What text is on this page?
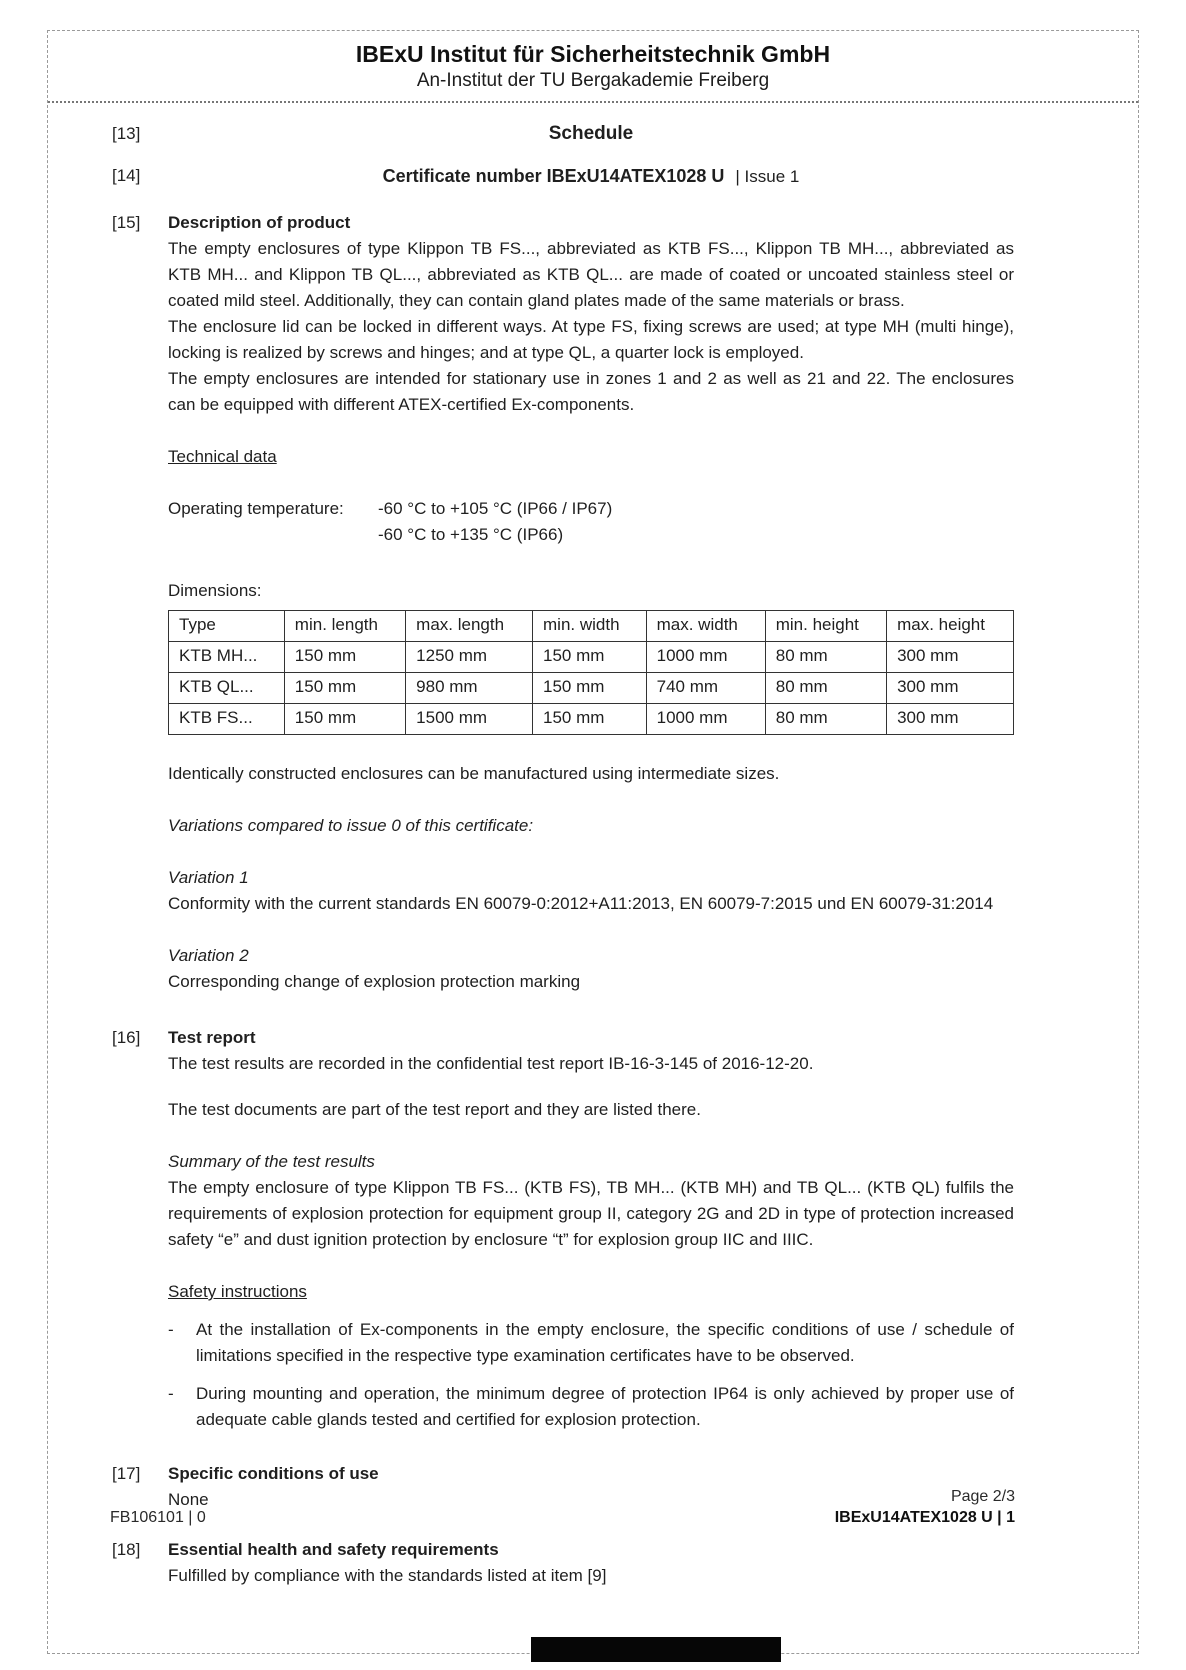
IBExU Institut für Sicherheitstechnik GmbH
An-Institut der TU Bergakademie Freiberg
[13]	Schedule
[14]	Certificate number IBExU14ATEX1028 U | Issue 1
[15]	Description of product

The empty enclosures of type Klippon TB FS..., abbreviated as KTB FS..., Klippon TB MH..., abbreviated as KTB MH... and Klippon TB QL..., abbreviated as KTB QL... are made of coated or uncoated stainless steel or coated mild steel. Additionally, they can contain gland plates made of the same materials or brass.

The enclosure lid can be locked in different ways. At type FS, fixing screws are used; at type MH (multi hinge), locking is realized by screws and hinges; and at type QL, a quarter lock is employed.

The empty enclosures are intended for stationary use in zones 1 and 2 as well as 21 and 22. The enclosures can be equipped with different ATEX-certified Ex-components.

Technical data
Operating temperature:	-60 °C to +105 °C (IP66 / IP67)
-60 °C to +135 °C (IP66)
Dimensions:
Type	min. length	max. length	min. width	max. width	min. height	max. height
KTB MH...	150 mm	1250 mm	150 mm	1000 mm	80 mm	300 mm
KTB QL...	150 mm	980 mm	150 mm	740 mm	80 mm	300 mm
KTB FS...	150 mm	1500 mm	150 mm	1000 mm	80 mm	300 mm

Identically constructed enclosures can be manufactured using intermediate sizes.

Variations compared to issue 0 of this certificate:

Variation 1

Conformity with the current standards EN 60079-0:2012+A11:2013, EN 60079-7:2015 und EN 60079-31:2014

Variation 2

Corresponding change of explosion protection marking

[16]	Test report

The test results are recorded in the confidential test report IB-16-3-145 of 2016-12-20.

The test documents are part of the test report and they are listed there.

Summary of the test results

The empty enclosure of type Klippon TB FS... (KTB FS), TB MH... (KTB MH) and TB QL... (KTB QL) fulfils the requirements of explosion protection for equipment group II, category 2G and 2D in type of protection increased safety “e” and dust ignition protection by enclosure “t” for explosion group IIC and IIIC.

Safety instructions
-	At the installation of Ex-components in the empty enclosure, the specific conditions of use / schedule of limitations specified in the respective type examination certificates have to be observed.

-	During mounting and operation, the minimum degree of protection IP64 is only achieved by proper use of adequate cable glands tested and certified for explosion protection.

[17]	Specific conditions of use

None

[18]	Essential health and safety requirements

Fulfilled by compliance with the standards listed at item [9]

FB106101 | 0
Page 2/3
IBExU14ATEX1028 U | 1
